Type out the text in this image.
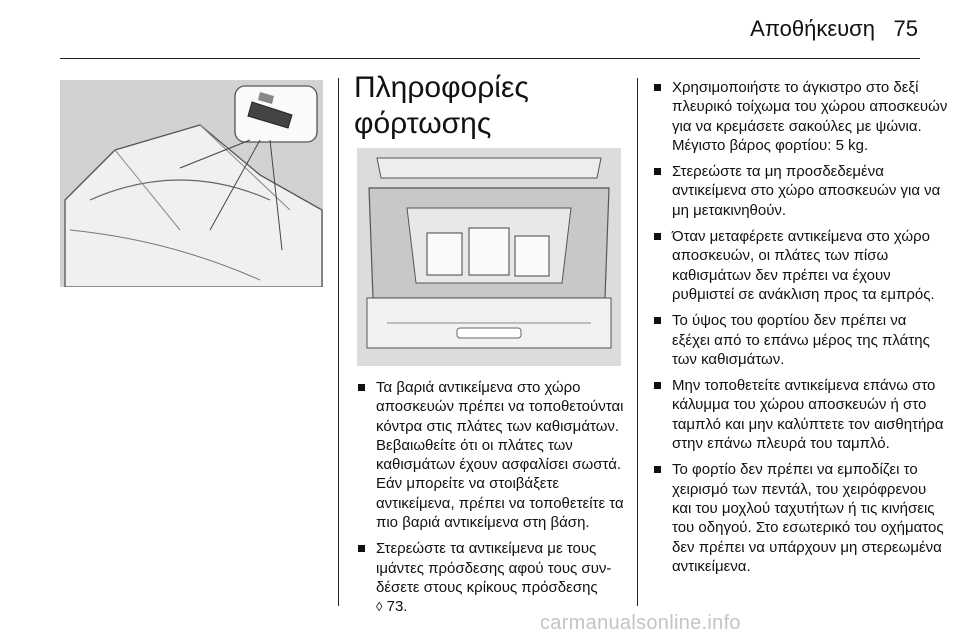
Αποθήκευση 75
Πληροφορίες φόρτωσης
Τα βαριά αντικείμενα στο χώρο αποσκευών πρέπει να τοποθετούνται κόντρα στις πλάτες των καθισμάτων. Βεβαιωθείτε ότι οι πλάτες των καθισμάτων έχουν ασφαλίσει σωστά. Εάν μπορείτε να στοιβάξετε αντικείμενα, πρέπει να τοποθετείτε τα πιο βαριά αντικείμενα στη βάση.
Στερεώστε τα αντικείμενα με τους ιμάντες πρόσδεσης αφού τους συνδέσετε στους κρίκους πρόσδεσης
◊ 73.
Χρησιμοποιήστε το άγκιστρο στο δεξί πλευρικό τοίχωμα του χώρου αποσκευών για να κρεμάσετε σακούλες με ψώνια. Μέγιστο βάρος φορτίου: 5 kg.
Στερεώστε τα μη προσδεδεμένα αντικείμενα στο χώρο αποσκευών για να μη μετακινηθούν.
Όταν μεταφέρετε αντικείμενα στο χώρο αποσκευών, οι πλάτες των πίσω καθισμάτων δεν πρέπει να έχουν ρυθμιστεί σε ανάκλιση προς τα εμπρός.
Το ύψος του φορτίου δεν πρέπει να εξέχει από το επάνω μέρος της πλάτης των καθισμάτων.
Μην τοποθετείτε αντικείμενα επάνω στο κάλυμμα του χώρου αποσκευών ή στο ταμπλό και μην καλύπτετε τον αισθητήρα στην επάνω πλευρά του ταμπλό.
Το φορτίο δεν πρέπει να εμποδίζει το χειρισμό των πεντάλ, του χειρόφρενου και του μοχλού ταχυτήτων ή τις κινήσεις του οδηγού. Στο εσωτερικό του οχήματος δεν πρέπει να υπάρχουν μη στερεωμένα αντικείμενα.
carmanualsonline.info
